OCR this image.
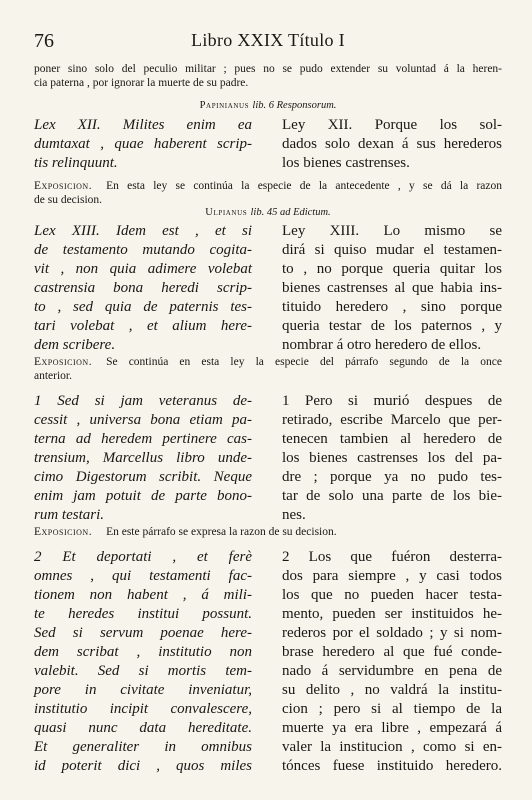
Libro XXIX Título I
76
poner sino solo del peculio militar ; pues no se pudo extender su voluntad á la heren-
cia paterna , por ignorar la muerte de su padre.
Papinianus lib. 6 Responsorum.
Lex XII. Milites enim ea
dumtaxat , quae haberent scrip-
tis relinquunt.
Ley XII. Porque los sol-
dados solo dexan á sus herederos
los bienes castrenses.
Exposicion. En esta ley se continúa la especie de la antecedente , y se dá la razon
de su decision.
Ulpianus lib. 45 ad Edictum.
Lex XIII. Idem est , et si
de testamento mutando cogita-
vit , non quia adimere volebat
castrensia bona heredi scrip-
to , sed quia de paternis tes-
tari volebat , et alium here-
dem scribere.
Ley XIII. Lo mismo se
dirá si quiso mudar el testamen-
to , no porque queria quitar los
bienes castrenses al que habia ins-
tituido heredero , sino porque
queria testar de los paternos , y
nombrar á otro heredero de ellos.
Exposicion. Se continúa en esta ley la especie del párrafo segundo de la once
anterior.
1 Sed si jam veteranus de-
cessit , universa bona etiam pa-
terna ad heredem pertinere cas-
trensium, Marcellus libro unde-
cimo Digestorum scribit. Neque
enim jam potuit de parte bono-
rum testari.
1 Pero si murió despues de
retirado, escribe Marcelo que per-
tenecen tambien al heredero de
los bienes castrenses los del pa-
dre ; porque ya no pudo tes-
tar de solo una parte de los bie-
nes.
Exposicion. En este párrafo se expresa la razon de su decision.
2 Et deportati , et ferè
omnes , qui testamenti fac-
tionem non habent , á mili-
te heredes institui possunt.
Sed si servum poenae here-
dem scribat , institutio non
valebit. Sed si mortis tem-
pore in civitate inveniatur,
institutio incipit convalescere,
quasi nunc data hereditate.
Et generaliter in omnibus
id poterit dici , quos miles
2 Los que fuéron desterra-
dos para siempre , y casi todos
los que no pueden hacer testa-
mento, pueden ser instituidos he-
rederos por el soldado ; y si nom-
brase heredero al que fué conde-
nado á servidumbre en pena de
su delito , no valdrá la institu-
cion ; pero si al tiempo de la
muerte ya era libre , empezará á
valer la institucion , como si en-
tónces fuese instituido heredero.
